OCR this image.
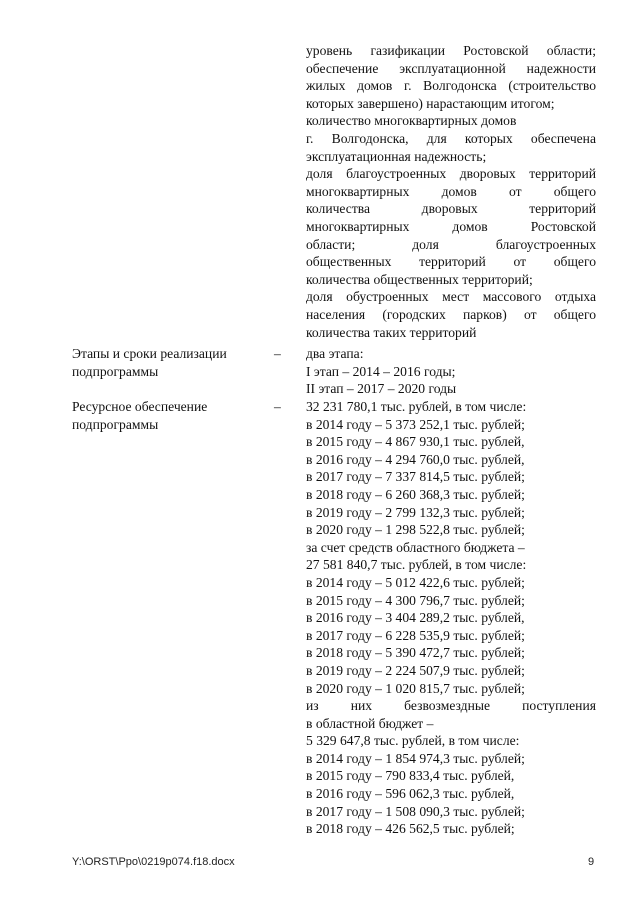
уровень газификации Ростовской области;
обеспечение эксплуатационной надежности
жилых домов г. Волгодонска (строительство
которых завершено) нарастающим итогом;
количество многоквартирных домов
г. Волгодонска, для которых обеспечена
эксплуатационная надежность;
доля благоустроенных дворовых территорий
многоквартирных домов от общего
количества дворовых территорий
многоквартирных домов Ростовской
области; доля благоустроенных
общественных территорий от общего
количества общественных территорий;
доля обустроенных мест массового отдыха
населения (городских парков) от общего
количества таких территорий
Этапы и сроки реализации
подпрограммы
– два этапа:
I этап – 2014 – 2016 годы;
II этап – 2017 – 2020 годы
Ресурсное обеспечение
подпрограммы
– 32 231 780,1 тыс. рублей, в том числе:
в 2014 году – 5 373 252,1 тыс. рублей;
в 2015 году – 4 867 930,1 тыс. рублей,
в 2016 году – 4 294 760,0 тыс. рублей,
в 2017 году – 7 337 814,5 тыс. рублей;
в 2018 году – 6 260 368,3 тыс. рублей;
в 2019 году – 2 799 132,3 тыс. рублей;
в 2020 году – 1 298 522,8 тыс. рублей;
за счет средств областного бюджета –
27 581 840,7 тыс. рублей, в том числе:
в 2014 году – 5 012 422,6 тыс. рублей;
в 2015 году – 4 300 796,7 тыс. рублей;
в 2016 году – 3 404 289,2 тыс. рублей,
в 2017 году – 6 228 535,9 тыс. рублей;
в 2018 году – 5 390 472,7 тыс. рублей;
в 2019 году – 2 224 507,9 тыс. рублей;
в 2020 году – 1 020 815,7 тыс. рублей;
из них безвозмездные поступления
в областной бюджет –
5 329 647,8 тыс. рублей, в том числе:
в 2014 году – 1 854 974,3 тыс. рублей;
в 2015 году – 790 833,4 тыс. рублей,
в 2016 году – 596 062,3 тыс. рублей,
в 2017 году – 1 508 090,3 тыс. рублей;
в 2018 году – 426 562,5 тыс. рублей;
Y:\ORST\Ppo\0219p074.f18.docx	9
